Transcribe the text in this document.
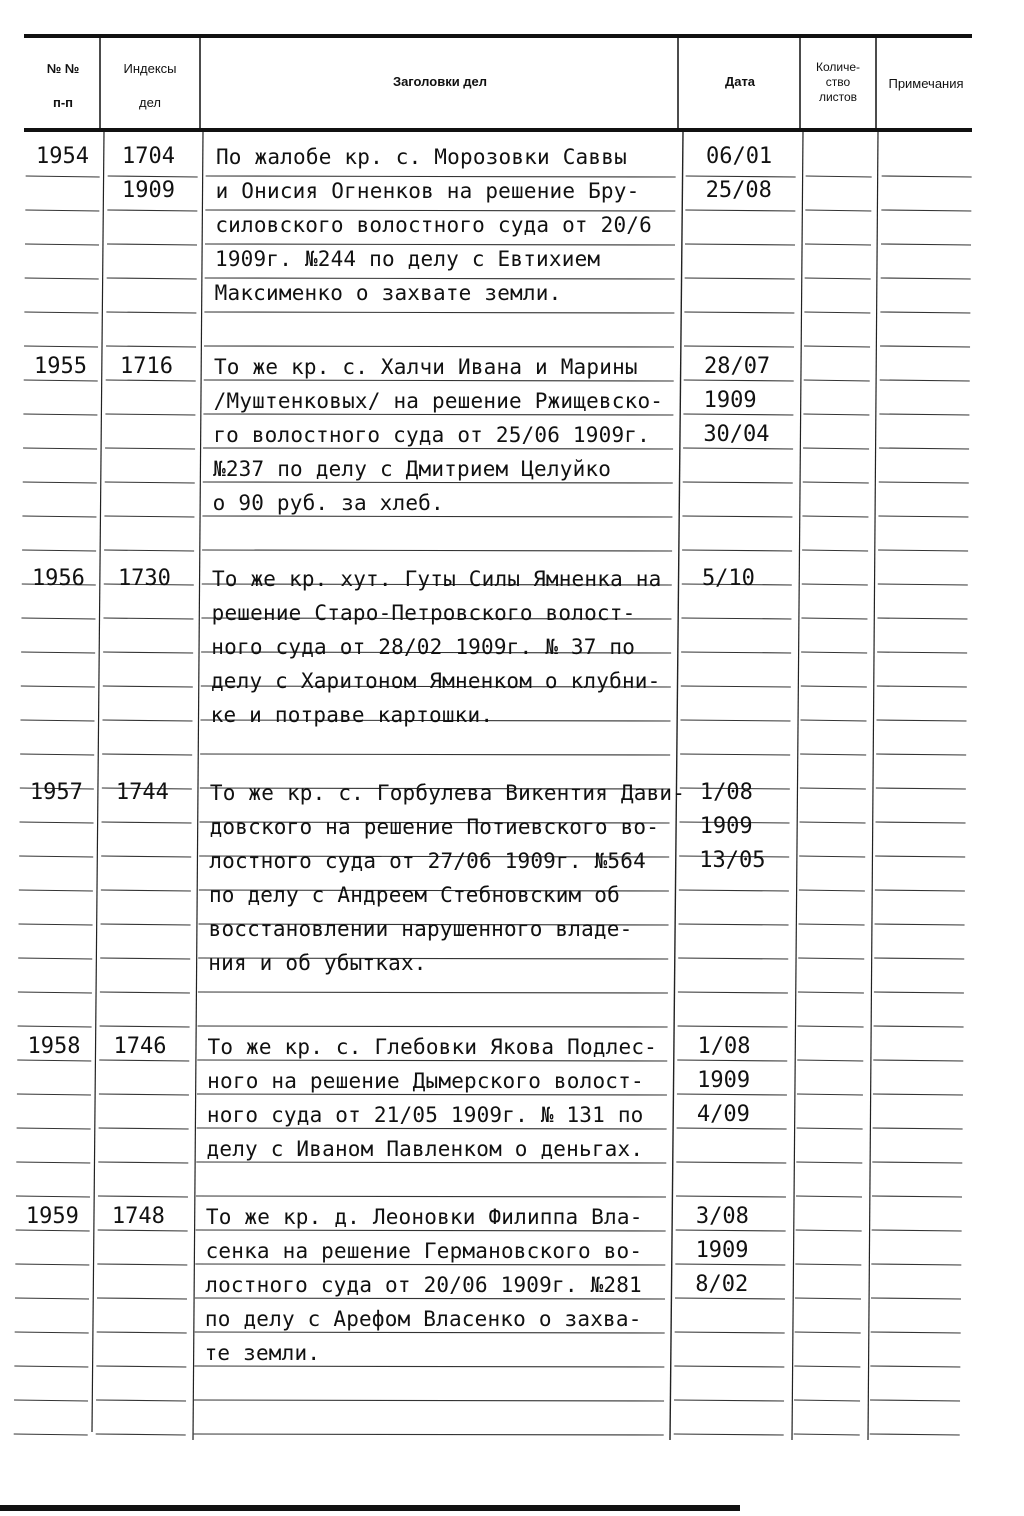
№ №
п-п
Индексы
дел
Заголовки дел	Дата
Количе-
ство
листов
Примечания
1954 1704
1909
По жалобе кр. с. Морозовки Саввы
и Онисия Огненков на решение Бру-
силовского волостного суда от 20/6
1909г. №244 по делу с Евтихием
Максименко о захвате земли.
06/01
25/08
1955 1716 То же кр. с. Халчи Ивана и Марины
/Муштенковых/ на решение Ржищевско-
го волостного суда от 25/06 1909г.
№237 по делу с Дмитрием Целуйко
о 90 руб. за хлеб.
28/07
1909
30/04
1956 1730 То же кр. хут. Гуты Силы Ямненка на
решение Старо-Петровского волост-
ного суда от 28/02 1909г. № 37 по
делу с Харитоном Ямненком о клубни-
ке и потраве картошки.
5/10
1957 1744 То же кр. с. Горбулева Викентия Дави-
довского на решение Потиевского во-
лостного суда от 27/06 1909г. №564
по делу с Андреем Стебновским об
восстановлении нарушенного владе-
ния и об убытках.
1/08
1909
13/05
1958 1746 То же кр. с. Глебовки Якова Подлес-
ного на решение Дымерского волост-
ного суда от 21/05 1909г. № 131 по
делу с Иваном Павленком о деньгах.
1/08
1909
4/09
1959 1748 То же кр. д. Леоновки Филиппа Вла-
сенка на решение Германовского во-
лостного суда от 20/06 1909г. №281
по делу с Арефом Власенко о захва-
те земли.
3/08
1909
8/02
